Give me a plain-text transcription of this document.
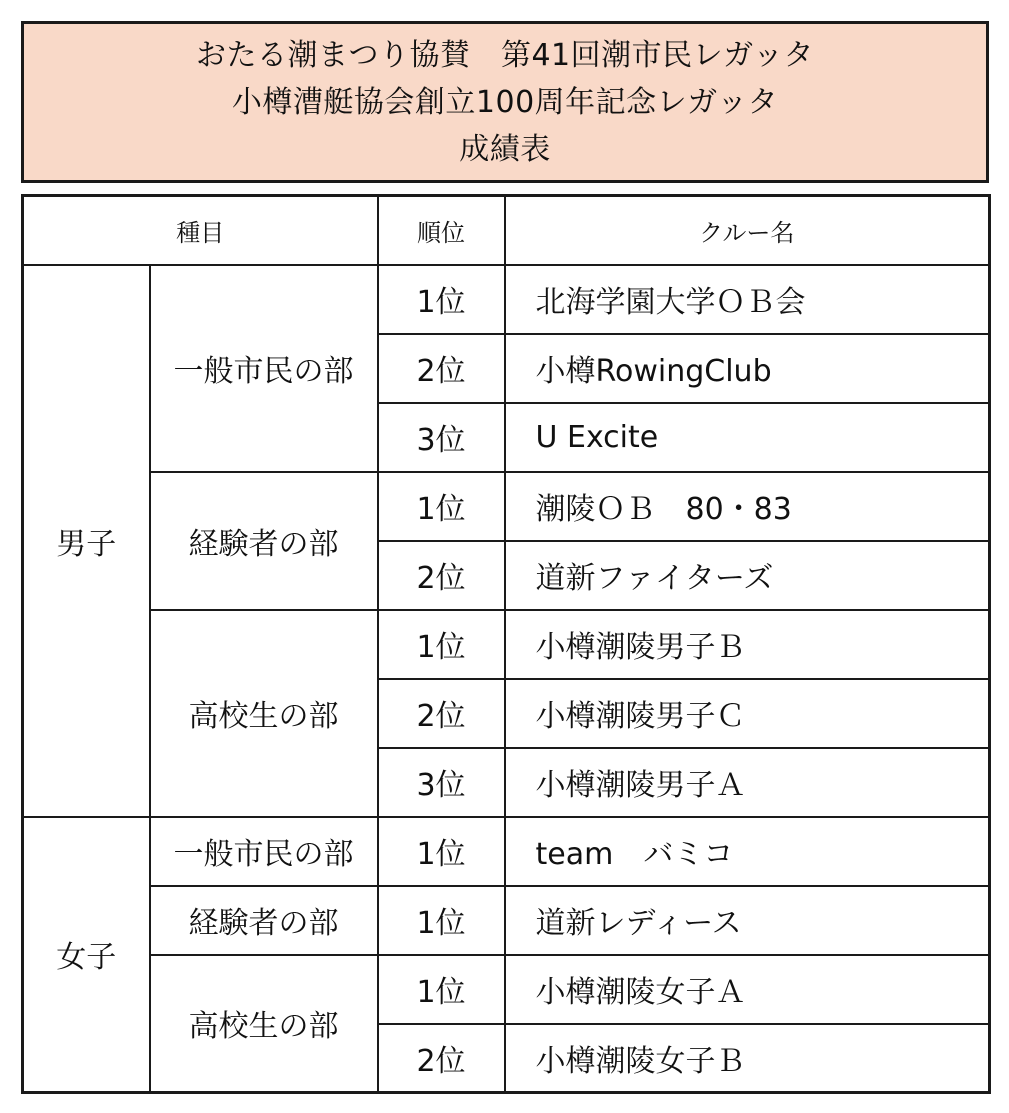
おたる潮まつり協賛　第41回潮市民レガッタ
小樽漕艇協会創立100周年記念レガッタ
成績表
種目		順位	クルー名
男子	一般市民の部	1位	北海学園大学ＯＢ会
		2位	小樽RowingClub
		3位	U Excite
	経験者の部	1位	潮陵ＯＢ　80・83
		2位	道新ファイターズ
	高校生の部	1位	小樽潮陵男子Ｂ
		2位	小樽潮陵男子Ｃ
		3位	小樽潮陵男子Ａ
女子	一般市民の部	1位	team　バミコ
	経験者の部	1位	道新レディース
	高校生の部	1位	小樽潮陵女子Ａ
		2位	小樽潮陵女子Ｂ
